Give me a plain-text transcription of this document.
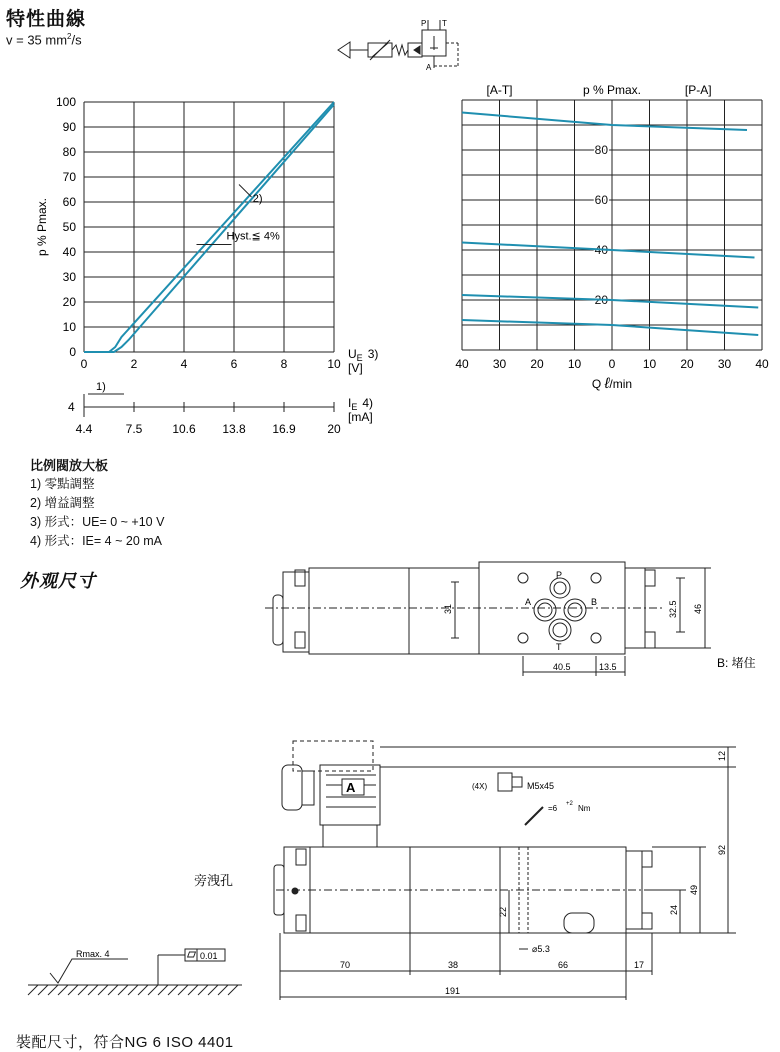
特性曲線
v = 35 $mm^2/s$
P T
A
0	2	4	6	8	10
0
10
20
30
40
50
60
70
80
90
100
p % Pmax.
$U_E$ 3)
[V]
2)
Hyst.≦ 4%
4
1)
4.4	7.5 10.6 13.8 16.9	20
$I_E$ 4)
[mA]
40 30 20 10 0 10 20 30 40
20
40
60
80
p % Pmax.
[A-T]	[P-A]
Q ℓ/min
比例閥放大板
1) 零點調整
2) 增益調整
3) 形式：UE= 0 ~ +10 V
4) 形式：IE= 4 ~ 20 mA
外观尺寸	P
A	B
T
31	32.5 46
40.5	13.5	B: 堵住
A	(4X)	M5x45
=6 +2 Nm
旁洩孔
12
92
49
24
22
⌀5.3
70	38	66	17
191
Rmax. 4	0.01
裝配尺寸，符合NG 6 ISO 4401
